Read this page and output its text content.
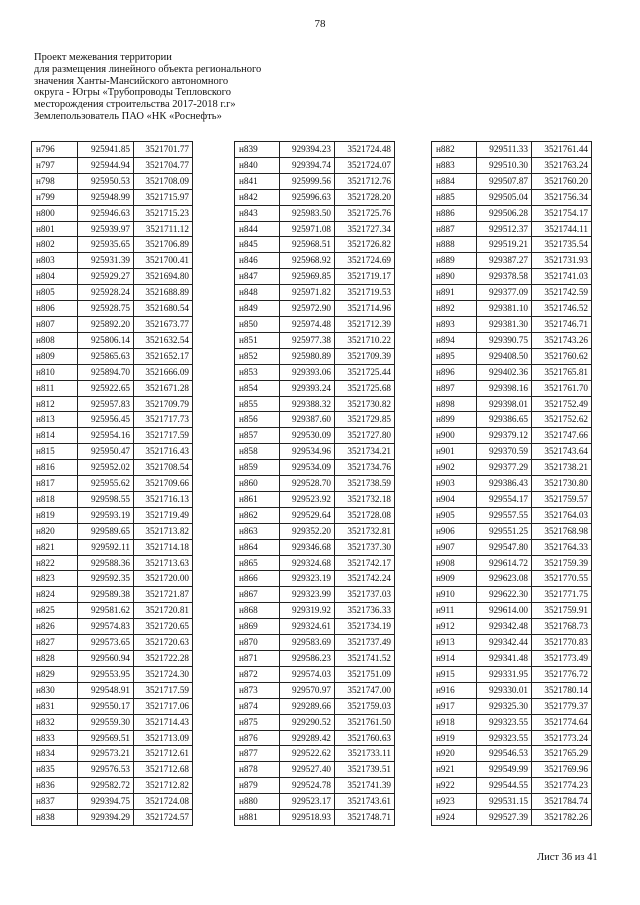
78
Проект межевания территории
для размещения линейного объекта регионального
значения Ханты-Мансийского автономного
округа - Югры «Трубопроводы Тепловского
месторождения строительства 2017-2018 г.г»
Землепользователь ПАО «НК «Роснефть»
н796	925941.85	3521701.77
н797	925944.94	3521704.77
н798	925950.53	3521708.09
н799	925948.99	3521715.97
н800	925946.63	3521715.23
н801	925939.97	3521711.12
н802	925935.65	3521706.89
н803	925931.39	3521700.41
н804	925929.27	3521694.80
н805	925928.24	3521688.89
н806	925928.75	3521680.54
н807	925892.20	3521673.77
н808	925806.14	3521632.54
н809	925865.63	3521652.17
н810	925894.70	3521666.09
н811	925922.65	3521671.28
н812	925957.83	3521709.79
н813	925956.45	3521717.73
н814	925954.16	3521717.59
н815	925950.47	3521716.43
н816	925952.02	3521708.54
н817	925955.62	3521709.66
н818	929598.55	3521716.13
н819	929593.19	3521719.49
н820	929589.65	3521713.82
н821	929592.11	3521714.18
н822	929588.36	3521713.63
н823	929592.35	3521720.00
н824	929589.38	3521721.87
н825	929581.62	3521720.81
н826	929574.83	3521720.65
н827	929573.65	3521720.63
н828	929560.94	3521722.28
н829	929553.95	3521724.30
н830	929548.91	3521717.59
н831	929550.17	3521717.06
н832	929559.30	3521714.43
н833	929569.51	3521713.09
н834	929573.21	3521712.61
н835	929576.53	3521712.68
н836	929582.72	3521712.82
н837	929394.75	3521724.08
н838	929394.29	3521724.57
н839	929394.23	3521724.48
н840	929394.74	3521724.07
н841	925999.56	3521712.76
н842	925996.63	3521728.20
н843	925983.50	3521725.76
н844	925971.08	3521727.34
н845	925968.51	3521726.82
н846	925968.92	3521724.69
н847	925969.85	3521719.17
н848	925971.82	3521719.53
н849	925972.90	3521714.96
н850	925974.48	3521712.39
н851	925977.38	3521710.22
н852	925980.89	3521709.39
н853	929393.06	3521725.44
н854	929393.24	3521725.68
н855	929388.32	3521730.82
н856	929387.60	3521729.85
н857	929530.09	3521727.80
н858	929534.96	3521734.21
н859	929534.09	3521734.76
н860	929528.70	3521738.59
н861	929523.92	3521732.18
н862	929529.64	3521728.08
н863	929352.20	3521732.81
н864	929346.68	3521737.30
н865	929324.68	3521742.17
н866	929323.19	3521742.24
н867	929323.99	3521737.03
н868	929319.92	3521736.33
н869	929324.61	3521734.19
н870	929583.69	3521737.49
н871	929586.23	3521741.52
н872	929574.03	3521751.09
н873	929570.97	3521747.00
н874	929289.66	3521759.03
н875	929290.52	3521761.50
н876	929289.42	3521760.63
н877	929522.62	3521733.11
н878	929527.40	3521739.51
н879	929524.78	3521741.39
н880	929523.17	3521743.61
н881	929518.93	3521748.71
н882	929511.33	3521761.44
н883	929510.30	3521763.24
н884	929507.87	3521760.20
н885	929505.04	3521756.34
н886	929506.28	3521754.17
н887	929512.37	3521744.11
н888	929519.21	3521735.54
н889	929387.27	3521731.93
н890	929378.58	3521741.03
н891	929377.09	3521742.59
н892	929381.10	3521746.52
н893	929381.30	3521746.71
н894	929390.75	3521743.26
н895	929408.50	3521760.62
н896	929402.36	3521765.81
н897	929398.16	3521761.70
н898	929398.01	3521752.49
н899	929386.65	3521752.62
н900	929379.12	3521747.66
н901	929370.59	3521743.64
н902	929377.29	3521738.21
н903	929386.43	3521730.80
н904	929554.17	3521759.57
н905	929557.55	3521764.03
н906	929551.25	3521768.98
н907	929547.80	3521764.33
н908	929614.72	3521759.39
н909	929623.08	3521770.55
н910	929622.30	3521771.75
н911	929614.00	3521759.91
н912	929342.48	3521768.73
н913	929342.44	3521770.83
н914	929341.48	3521773.49
н915	929331.95	3521776.72
н916	929330.01	3521780.14
н917	929325.30	3521779.37
н918	929323.55	3521774.64
н919	929323.55	3521773.24
н920	929546.53	3521765.29
н921	929549.99	3521769.96
н922	929544.55	3521774.23
н923	929531.15	3521784.74
н924	929527.39	3521782.26
Лист 36 из 41
